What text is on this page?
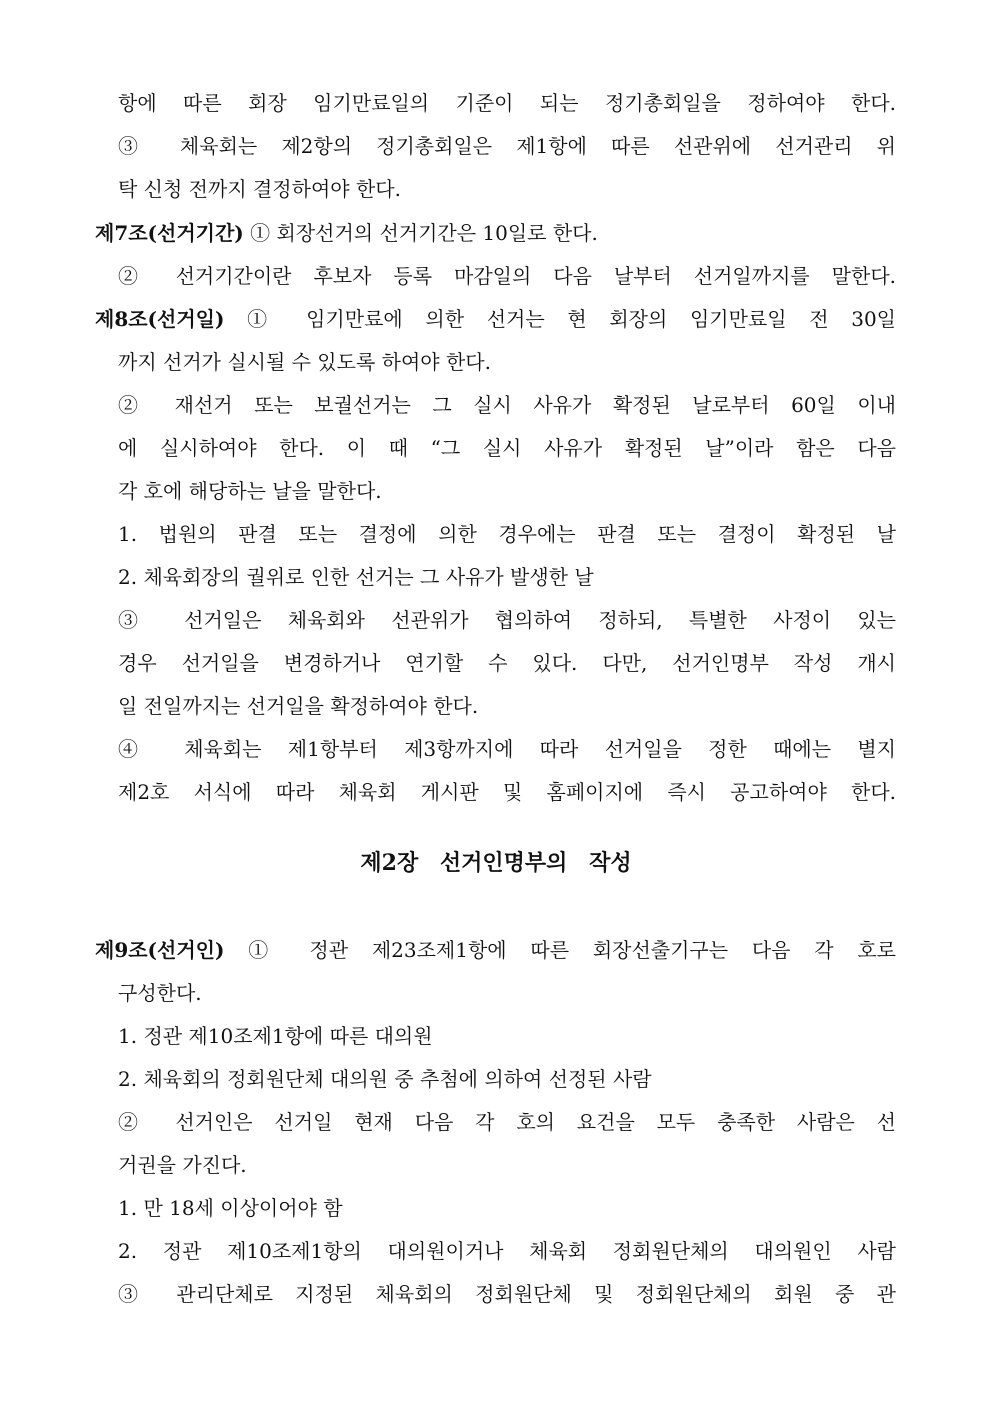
항에 따른 회장 임기만료일의 기준이 되는 정기총회일을 정하여야 한다.
③ 체육회는 제2항의 정기총회일은 제1항에 따른 선관위에 선거관리 위
탁 신청 전까지 결정하여야 한다.
제7조(선거기간) ① 회장선거의 선거기간은 10일로 한다.
② 선거기간이란 후보자 등록 마감일의 다음 날부터 선거일까지를 말한다.
제8조(선거일) ① 임기만료에 의한 선거는 현 회장의 임기만료일 전 30일
까지 선거가 실시될 수 있도록 하여야 한다.
② 재선거 또는 보궐선거는 그 실시 사유가 확정된 날로부터 60일 이내
에 실시하여야 한다. 이 때 “그 실시 사유가 확정된 날”이라 함은 다음
각 호에 해당하는 날을 말한다.
1. 법원의 판결 또는 결정에 의한 경우에는 판결 또는 결정이 확정된 날
2. 체육회장의 궐위로 인한 선거는 그 사유가 발생한 날
③ 선거일은 체육회와 선관위가 협의하여 정하되, 특별한 사정이 있는
경우 선거일을 변경하거나 연기할 수 있다. 다만, 선거인명부 작성 개시
일 전일까지는 선거일을 확정하여야 한다.
④ 체육회는 제1항부터 제3항까지에 따라 선거일을 정한 때에는 별지
제2호 서식에 따라 체육회 게시판 및 홈페이지에 즉시 공고하여야 한다.
제2장 선거인명부의 작성
제9조(선거인) ① 정관 제23조제1항에 따른 회장선출기구는 다음 각 호로
구성한다.
1. 정관 제10조제1항에 따른 대의원
2. 체육회의 정회원단체 대의원 중 추첨에 의하여 선정된 사람
② 선거인은 선거일 현재 다음 각 호의 요건을 모두 충족한 사람은 선
거권을 가진다.
1. 만 18세 이상이어야 함
2. 정관 제10조제1항의 대의원이거나 체육회 정회원단체의 대의원인 사람
③ 관리단체로 지정된 체육회의 정회원단체 및 정회원단체의 회원 중 관
